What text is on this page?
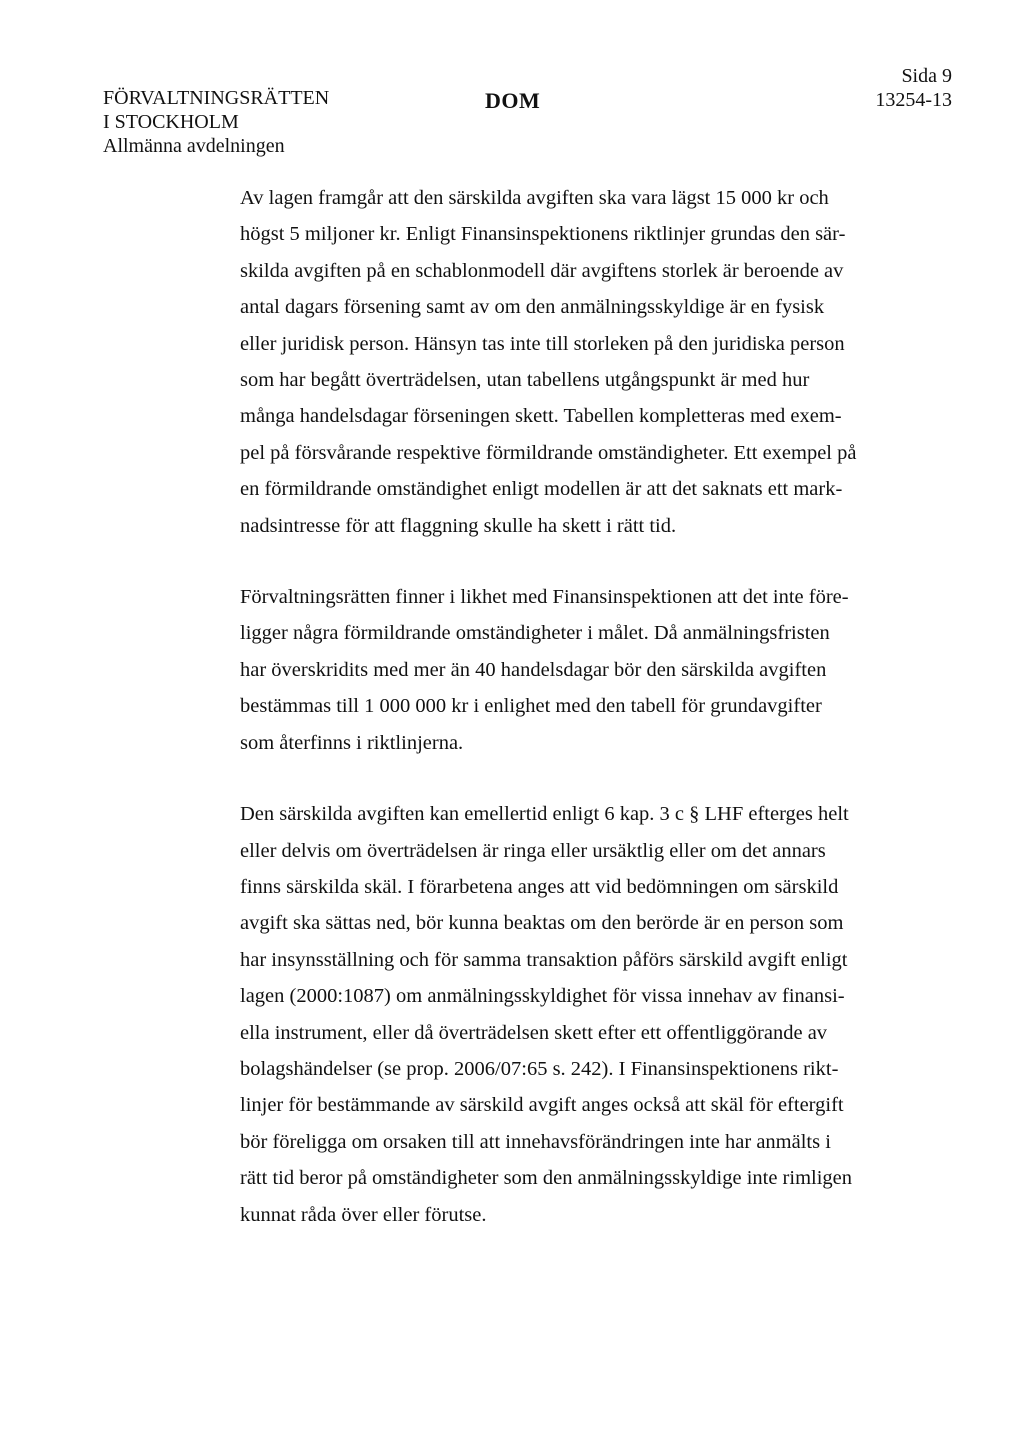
FÖRVALTNINGSRÄTTEN
I STOCKHOLM
Allmänna avdelningen
DOM
Sida 9
13254-13

Av lagen framgår att den särskilda avgiften ska vara lägst 15 000 kr och

högst 5 miljoner kr. Enligt Finansinspektionens riktlinjer grundas den sär-

skilda avgiften på en schablonmodell där avgiftens storlek är beroende av

antal dagars försening samt av om den anmälningsskyldige är en fysisk

eller juridisk person. Hänsyn tas inte till storleken på den juridiska person

som har begått överträdelsen, utan tabellens utgångspunkt är med hur

många handelsdagar förseningen skett. Tabellen kompletteras med exem-

pel på försvårande respektive förmildrande omständigheter. Ett exempel på

en förmildrande omständighet enligt modellen är att det saknats ett mark-

nadsintresse för att flaggning skulle ha skett i rätt tid.

Förvaltningsrätten finner i likhet med Finansinspektionen att det inte före-

ligger några förmildrande omständigheter i målet. Då anmälningsfristen

har överskridits med mer än 40 handelsdagar bör den särskilda avgiften

bestämmas till 1 000 000 kr i enlighet med den tabell för grundavgifter

som återfinns i riktlinjerna.

Den särskilda avgiften kan emellertid enligt 6 kap. 3 c § LHF efterges helt

eller delvis om överträdelsen är ringa eller ursäktlig eller om det annars

finns särskilda skäl. I förarbetena anges att vid bedömningen om särskild

avgift ska sättas ned, bör kunna beaktas om den berörde är en person som

har insynsställning och för samma transaktion påförs särskild avgift enligt

lagen (2000:1087) om anmälningsskyldighet för vissa innehav av finansi-

ella instrument, eller då överträdelsen skett efter ett offentliggörande av

bolagshändelser (se prop. 2006/07:65 s. 242). I Finansinspektionens rikt-

linjer för bestämmande av särskild avgift anges också att skäl för eftergift

bör föreligga om orsaken till att innehavsförändringen inte har anmälts i

rätt tid beror på omständigheter som den anmälningsskyldige inte rimligen

kunnat råda över eller förutse.
